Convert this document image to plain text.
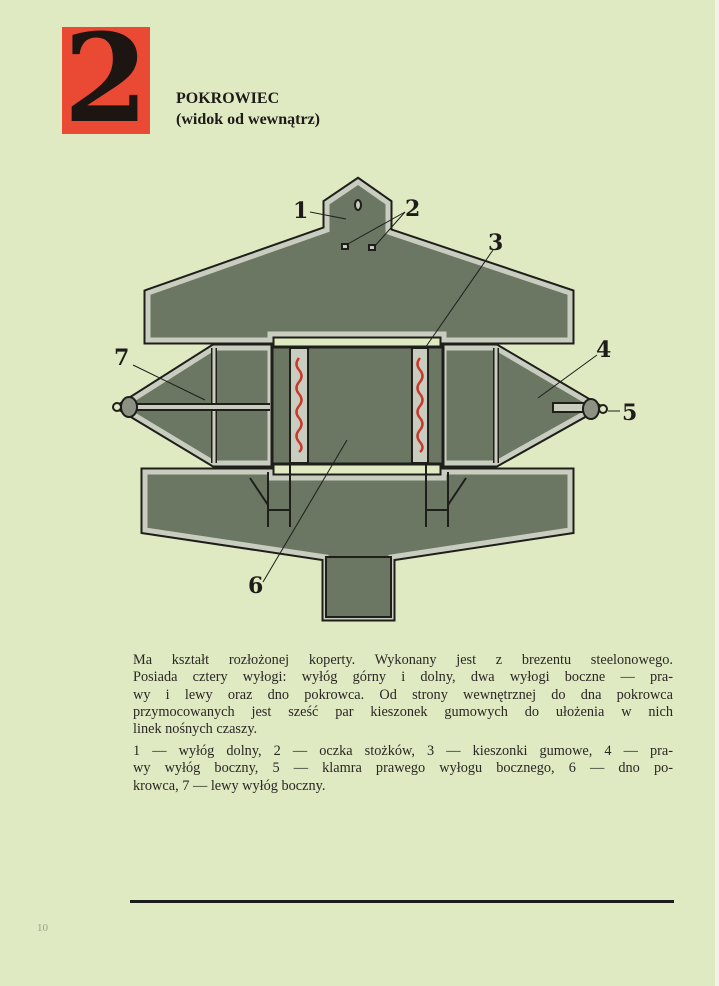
2 POKROWIEC
(widok od wewnątrz)
1	2
3
4
5
6
7
Ma kształt rozłożonej koperty. Wykonany jest z brezentu steelonowego.
Posiada cztery wyłogi: wyłóg górny i dolny, dwa wyłogi boczne — pra-
wy i lewy oraz dno pokrowca. Od strony wewnętrznej do dna pokrowca
przymocowanych jest sześć par kieszonek gumowych do ułożenia w nich
linek nośnych czaszy.
1 — wyłóg dolny, 2 — oczka stożków, 3 — kieszonki gumowe, 4 — pra-
wy wyłóg boczny, 5 — klamra prawego wyłogu bocznego, 6 — dno po-
krowca, 7 — lewy wyłóg boczny.
10
